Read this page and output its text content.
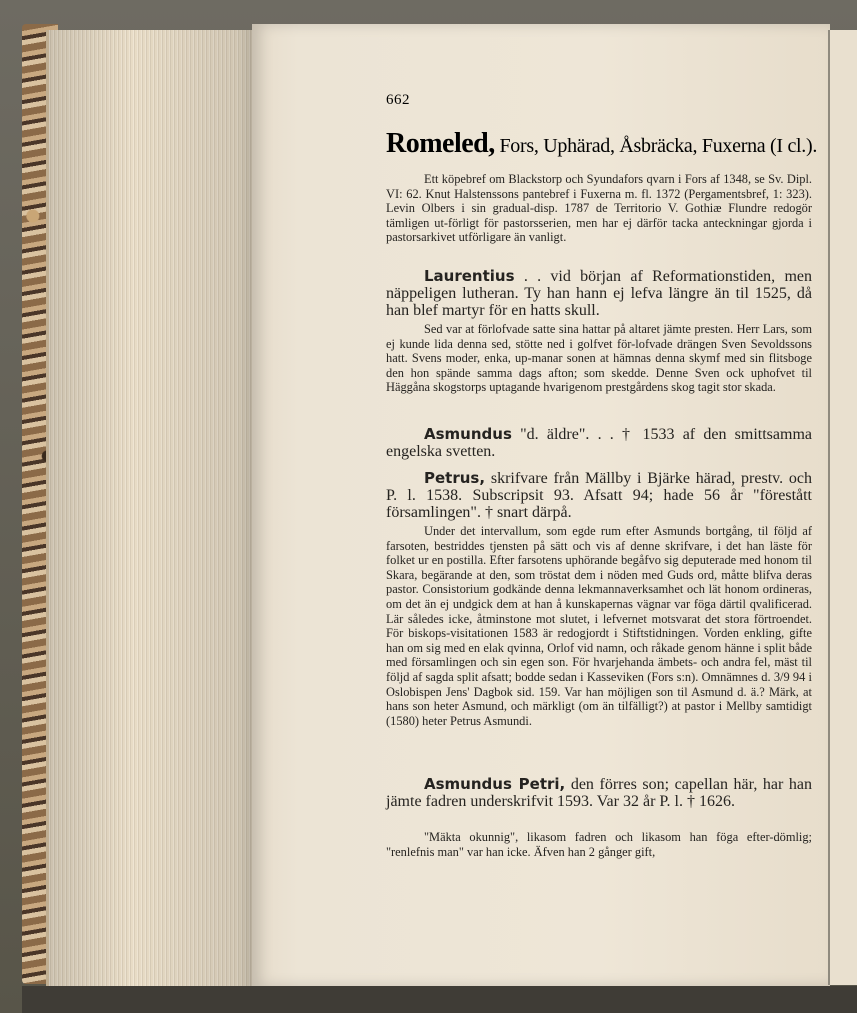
662
Romeled, Fors, Uphärad, Åsbräcka, Fuxerna (I cl.).
Ett köpebref om Blackstorp och Syundafors qvarn i Fors af 1348, se Sv. Dipl. VI: 62. Knut Halstenssons pantebref i Fuxerna m. fl. 1372 (Pergamentsbref, 1: 323). Levin Olbers i sin gradual-disp. 1787 de Territorio V. Gothiæ Flundre redogör tämligen ut-förligt för pastorsserien, men har ej därför tacka anteckningar gjorda i pastorsarkivet utförligare än vanligt.
Laurentius . . vid början af Reformationstiden, men näppeligen lutheran. Ty han hann ej lefva längre än til 1525, då han blef martyr för en hatts skull.
Sed var at förlofvade satte sina hattar på altaret jämte presten. Herr Lars, som ej kunde lida denna sed, stötte ned i golfvet för-lofvade drängen Sven Sevoldssons hatt. Svens moder, enka, up-manar sonen at hämnas denna skymf med sin flitsboge den hon spände samma dags afton; som skedde. Denne Sven ock uphofvet til Häggåna skogstorps uptagande hvarigenom prestgårdens skog tagit stor skada.
Asmundus "d. äldre". . . † 1533 af den smittsamma engelska svetten.
Petrus, skrifvare från Mällby i Bjärke härad, prestv. och P. l. 1538. Subscripsit 93. Afsatt 94; hade 56 år "förestått församlingen". † snart därpå.
Under det intervallum, som egde rum efter Asmunds bortgång, til följd af farsoten, bestriddes tjensten på sätt och vis af denne skrifvare, i det han läste för folket ur en postilla. Efter farsotens uphörande begåfvo sig deputerade med honom til Skara, begärande at den, som tröstat dem i nöden med Guds ord, måtte blifva deras pastor. Consistorium godkände denna lekmannaverksamhet och lät honom ordineras, om det än ej undgick dem at han å kunskapernas vägnar var föga därtil qvalificerad. Lär således icke, åtminstone mot slutet, i lefvernet motsvarat det stora förtroendet. För biskops-visitationen 1583 är redogjordt i Stiftstidningen. Vorden enkling, gifte han om sig med en elak qvinna, Orlof vid namn, och råkade genom hänne i split både med församlingen och sin egen son. För hvarjehanda ämbets- och andra fel, mäst til följd af sagda split afsatt; bodde sedan i Kasseviken (Fors s:n). Omnämnes d. 3/9 94 i Oslobispen Jens' Dagbok sid. 159. Var han möjligen son til Asmund d. ä.? Märk, at hans son heter Asmund, och märkligt (om än tilfälligt?) at pastor i Mellby samtidigt (1580) heter Petrus Asmundi.
Asmundus Petri, den förres son; capellan här, har han jämte fadren underskrifvit 1593. Var 32 år P. l. † 1626.
"Mäkta okunnig", likasom fadren och likasom han föga efter-dömlig; "renlefnis man" var han icke. Äfven han 2 gånger gift,
